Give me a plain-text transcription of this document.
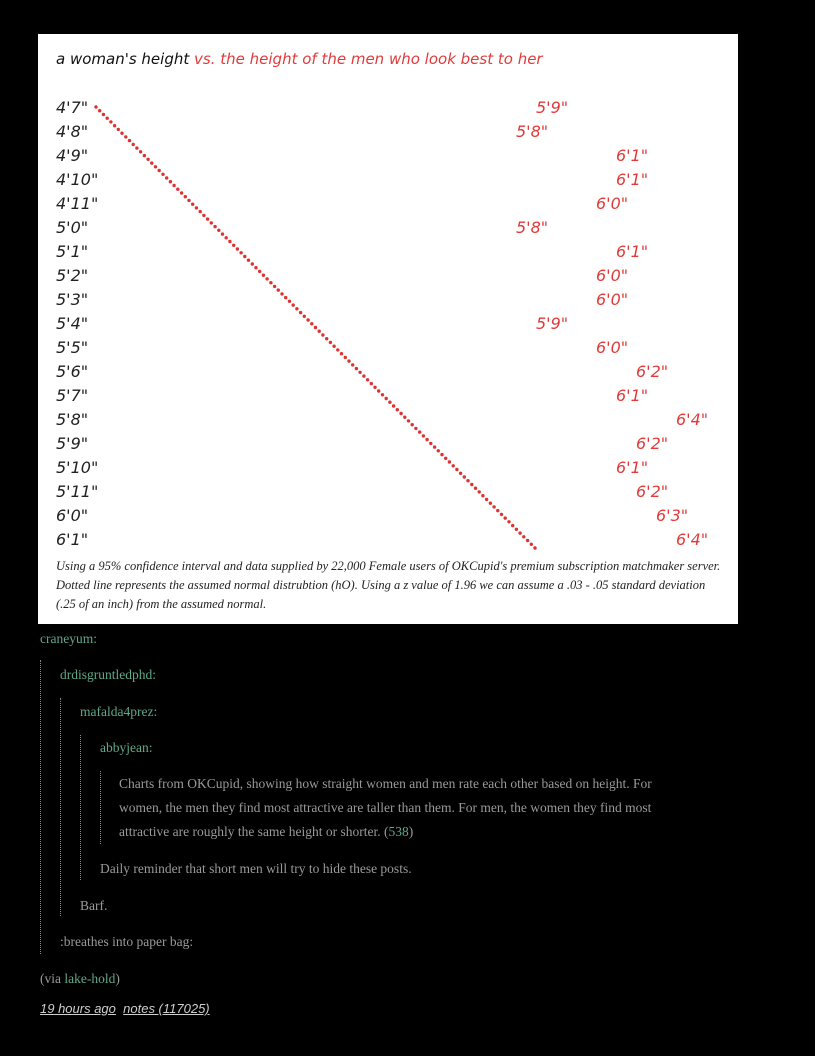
a woman's height vs. the height of the men who look best to her
4'7"
4'8"
4'9"
4'10"
4'11"
5'0"
5'1"
5'2"
5'3"
5'4"
5'5"
5'6"
5'7"
5'8"
5'9"
5'10"
5'11"
6'0"
6'1"
5'9"
5'8"
6'1"
6'1"
6'0"
5'8"
6'1"
6'0"
6'0"
5'9"
6'0"
6'2"
6'1"
6'4"
6'2"
6'1"
6'2"
6'3"
6'4"
Using a 95% confidence interval and data supplied by 22,000 Female users of OKCupid's premium subscription matchmaker server. Dotted line represents the assumed normal distrubtion (hO). Using a z value of 1.96 we can assume a .03 - .05 standard deviation (.25 of an inch) from the assumed normal.
craneyum:
drdisgruntledphd:
mafalda4prez:
abbyjean:
Charts from OKCupid, showing how straight women and men rate each other based on height. For women, the men they find most attractive are taller than them. For men, the women they find most attractive are roughly the same height or shorter. (538)
Daily reminder that short men will try to hide these posts.
Barf.
:breathes into paper bag:
(via lake-hold)
19 hours ago notes (117025)
